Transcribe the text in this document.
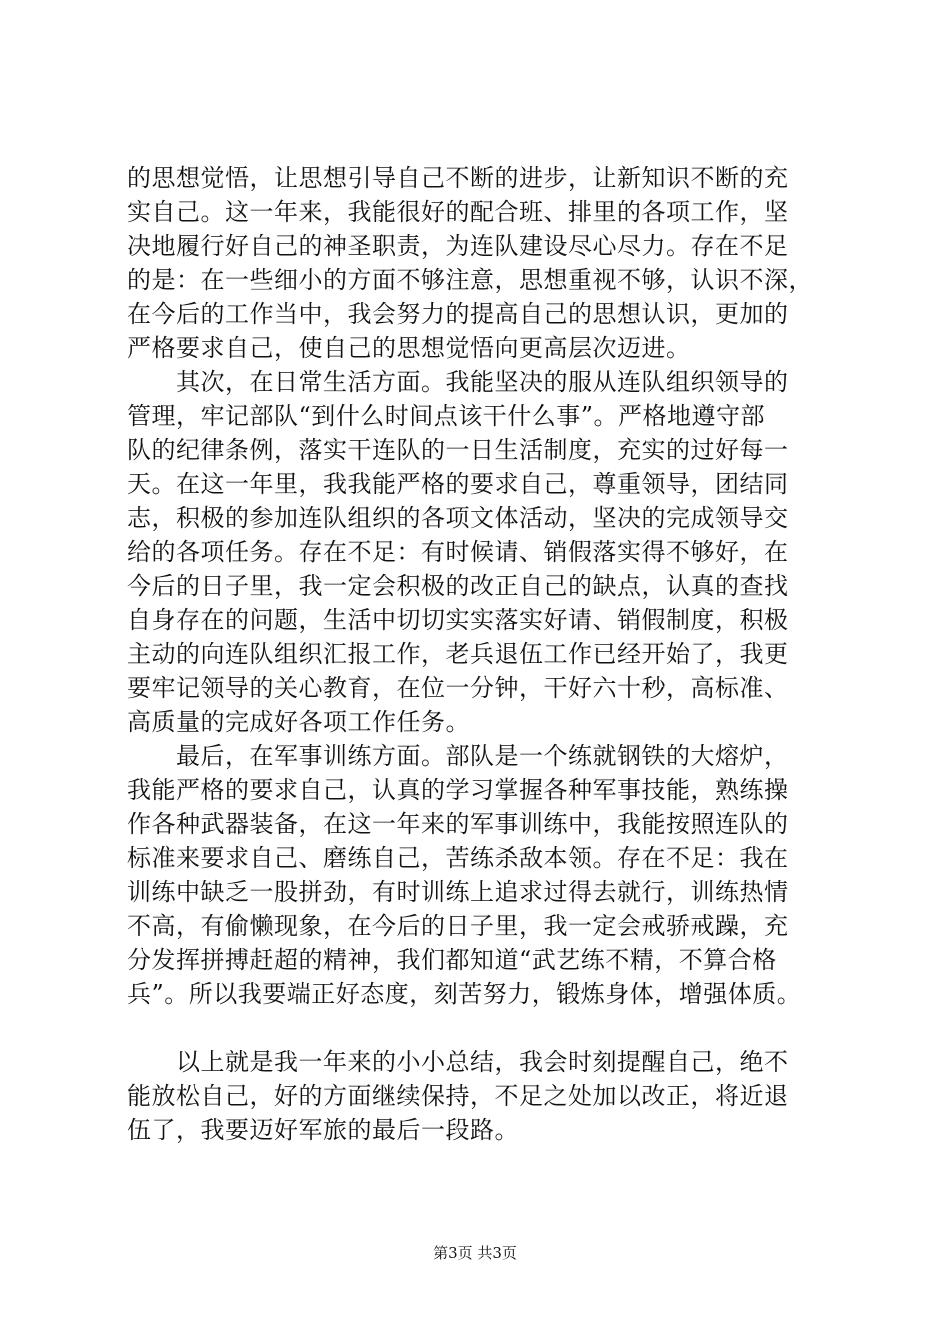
的思想觉悟，让思想引导自己不断的进步，让新知识不断的充
实自己。这一年来，我能很好的配合班、排里的各项工作，坚
决地履行好自己的神圣职责，为连队建设尽心尽力。存在不足
的是：在一些细小的方面不够注意，思想重视不够，认识不深，
在今后的工作当中，我会努力的提高自己的思想认识，更加的
严格要求自己，使自己的思想觉悟向更高层次迈进。
　　其次，在日常生活方面。我能坚决的服从连队组织领导的
管理，牢记部队“到什么时间点该干什么事”。严格地遵守部
队的纪律条例，落实干连队的一日生活制度，充实的过好每一
天。在这一年里，我我能严格的要求自己，尊重领导，团结同
志，积极的参加连队组织的各项文体活动，坚决的完成领导交
给的各项任务。存在不足：有时候请、销假落实得不够好，在
今后的日子里，我一定会积极的改正自己的缺点，认真的查找
自身存在的问题，生活中切切实实落实好请、销假制度，积极
主动的向连队组织汇报工作，老兵退伍工作已经开始了，我更
要牢记领导的关心教育，在位一分钟，干好六十秒，高标准、
高质量的完成好各项工作任务。
　　最后，在军事训练方面。部队是一个练就钢铁的大熔炉，
我能严格的要求自己，认真的学习掌握各种军事技能，熟练操
作各种武器装备，在这一年来的军事训练中，我能按照连队的
标准来要求自己、磨练自己，苦练杀敌本领。存在不足：我在
训练中缺乏一股拼劲，有时训练上追求过得去就行，训练热情
不高，有偷懒现象，在今后的日子里，我一定会戒骄戒躁，充
分发挥拼搏赶超的精神，我们都知道“武艺练不精，不算合格
兵”。所以我要端正好态度，刻苦努力，锻炼身体，增强体质。
　　以上就是我一年来的小小总结，我会时刻提醒自己，绝不
能放松自己，好的方面继续保持，不足之处加以改正，将近退
伍了，我要迈好军旅的最后一段路。
第3页 共3页
